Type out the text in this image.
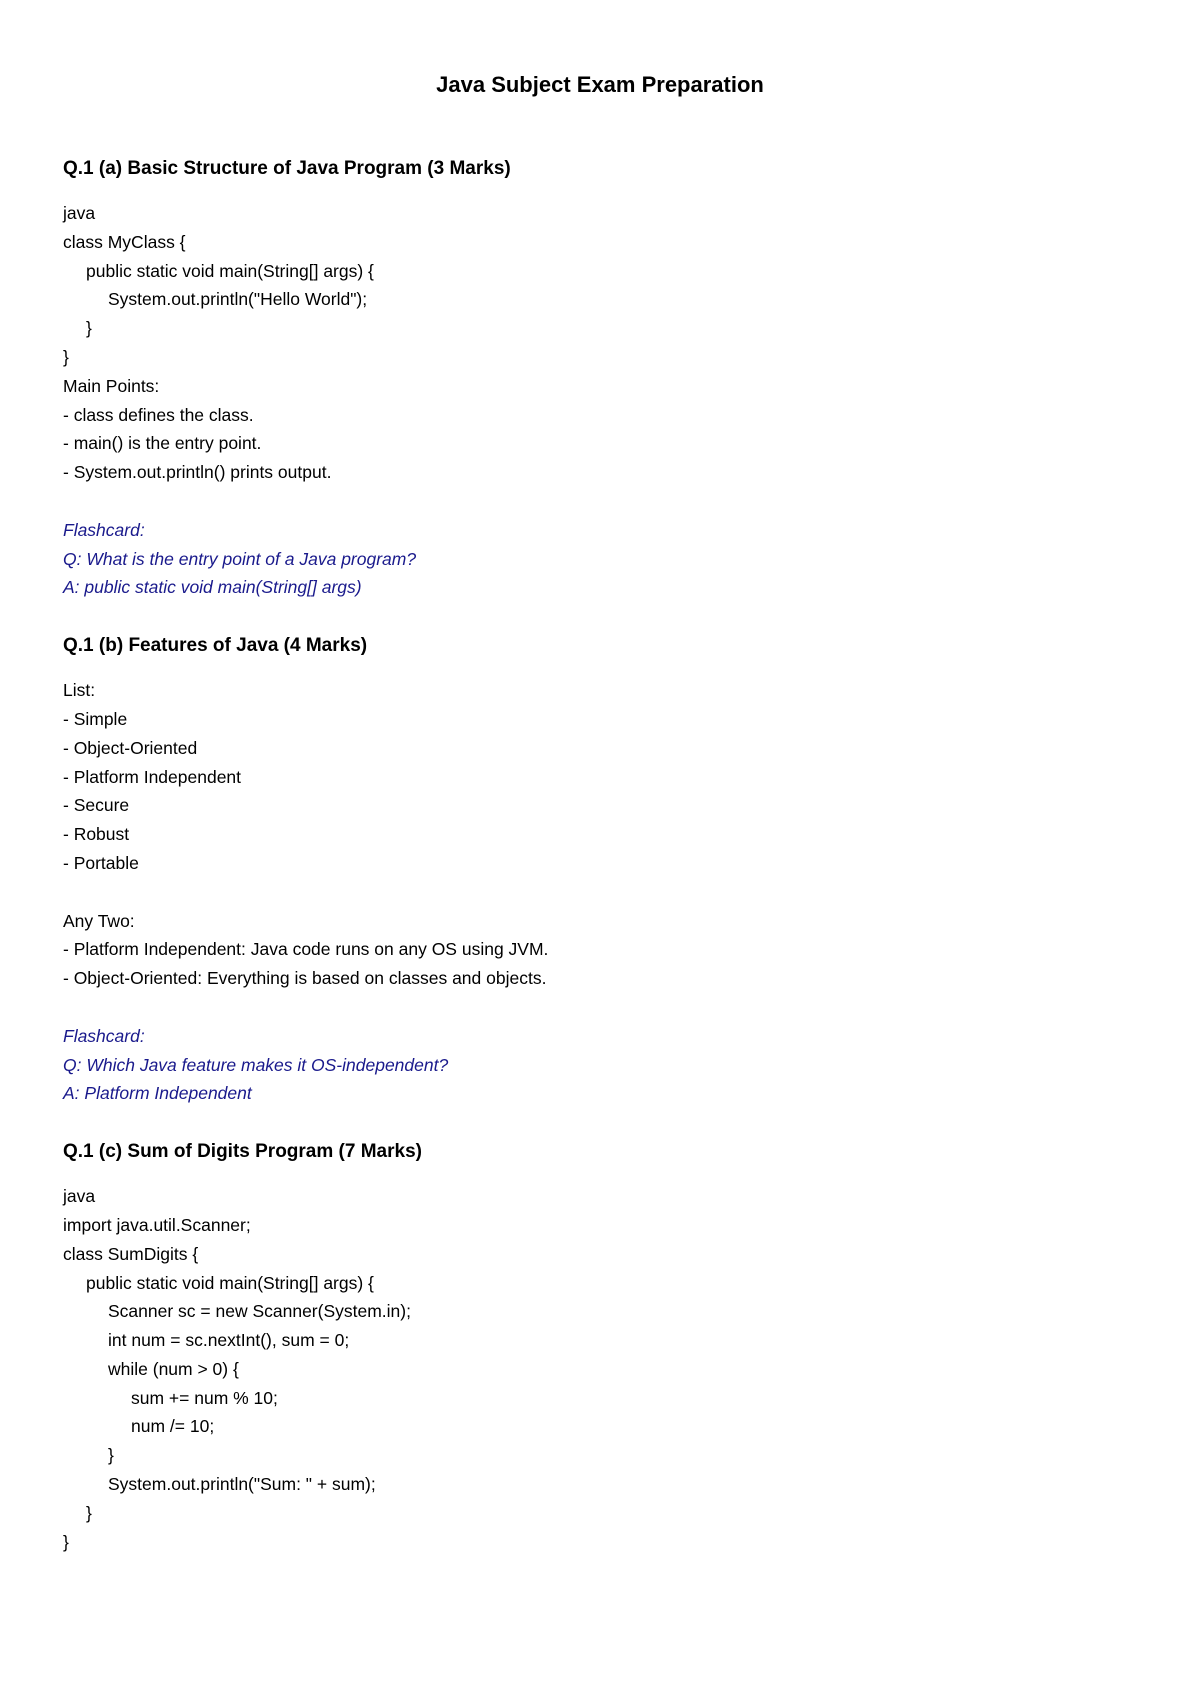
Java Subject Exam Preparation
Q.1 (a) Basic Structure of Java Program (3 Marks)
java
class MyClass {
public static void main(String[] args) {
System.out.println("Hello World");
}
}
Main Points:
- class defines the class.
- main() is the entry point.
- System.out.println() prints output.
Flashcard:
Q: What is the entry point of a Java program?
A: public static void main(String[] args)
Q.1 (b) Features of Java (4 Marks)
List:
- Simple
- Object-Oriented
- Platform Independent
- Secure
- Robust
- Portable
Any Two:
- Platform Independent: Java code runs on any OS using JVM.
- Object-Oriented: Everything is based on classes and objects.
Flashcard:
Q: Which Java feature makes it OS-independent?
A: Platform Independent
Q.1 (c) Sum of Digits Program (7 Marks)
java
import java.util.Scanner;
class SumDigits {
public static void main(String[] args) {
Scanner sc = new Scanner(System.in);
int num = sc.nextInt(), sum = 0;
while (num > 0) {
sum += num % 10;
num /= 10;
}
System.out.println("Sum: " + sum);
}
}
